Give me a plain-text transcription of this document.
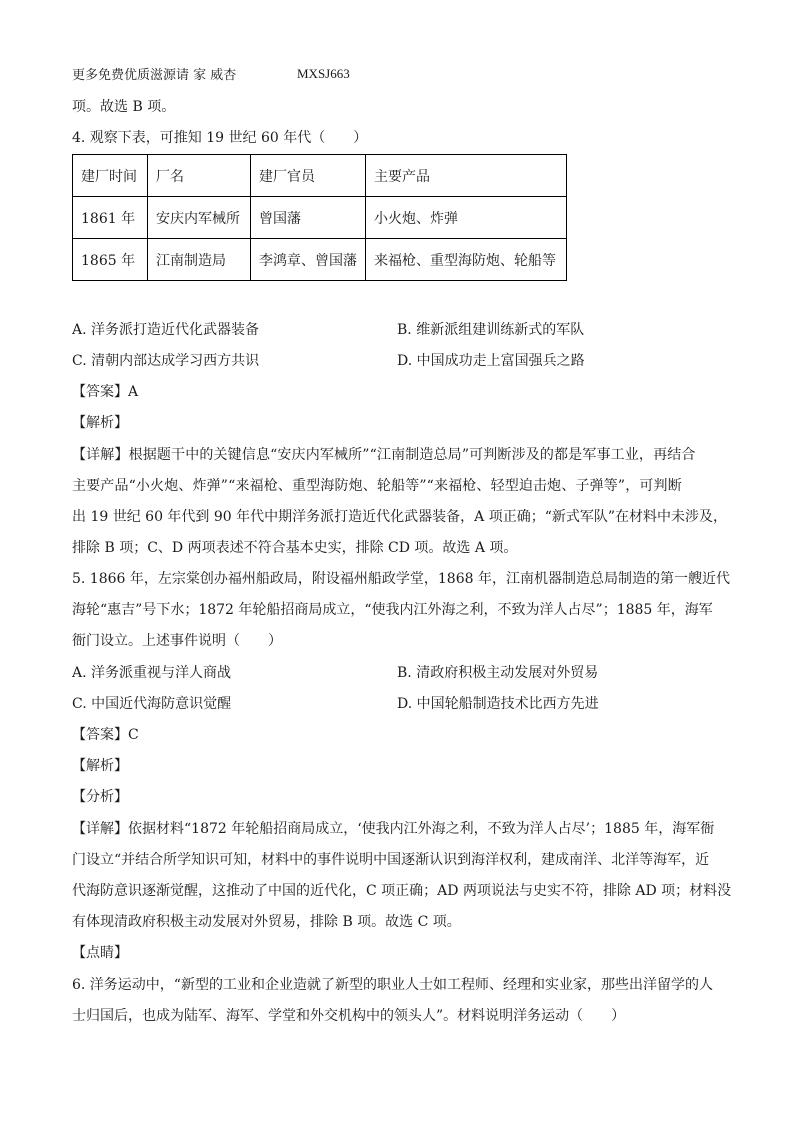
更多免费优质滋源请 家 威杏	MXSJ663
项。故选 B 项。
4. 观察下表，可推知 19 世纪 60 年代（　　）
建厂时间	厂名	建厂官员	主要产品
1861 年	安庆内军械所	曾国藩	小火炮、炸弹
1865 年	江南制造局	李鸿章、曾国藩	来福枪、重型海防炮、轮船等
A. 洋务派打造近代化武器装备	B. 维新派组建训练新式的军队
C. 清朝内部达成学习西方共识	D. 中国成功走上富国强兵之路
【答案】A
【解析】
【详解】根据题干中的关键信息“安庆内军械所”“江南制造总局”可判断涉及的都是军事工业，再结合
主要产品“小火炮、炸弹”“来福枪、重型海防炮、轮船等”“来福枪、轻型迫击炮、子弹等”，可判断
出 19 世纪 60 年代到 90 年代中期洋务派打造近代化武器装备，A 项正确；“新式军队”在材料中未涉及，
排除 B 项；C、D 两项表述不符合基本史实，排除 CD 项。故选 A 项。
5. 1866 年，左宗棠创办福州船政局，附设福州船政学堂，1868 年，江南机器制造总局制造的第一艘近代
海轮“惠吉”号下水；1872 年轮船招商局成立，“使我内江外海之利，不致为洋人占尽”；1885 年，海军
衙门设立。上述事件说明（　　）
A. 洋务派重视与洋人商战	B. 清政府积极主动发展对外贸易
C. 中国近代海防意识觉醒	D. 中国轮船制造技术比西方先进
【答案】C
【解析】
【分析】
【详解】依据材料“1872 年轮船招商局成立，‘使我内江外海之利，不致为洋人占尽’；1885 年，海军衙
门设立“并结合所学知识可知，材料中的事件说明中国逐渐认识到海洋权利，建成南洋、北洋等海军，近
代海防意识逐渐觉醒，这推动了中国的近代化，C 项正确；AD 两项说法与史实不符，排除 AD 项；材料没
有体现清政府积极主动发展对外贸易，排除 B 项。故选 C 项。
【点睛】
6. 洋务运动中，“新型的工业和企业造就了新型的职业人士如工程师、经理和实业家，那些出洋留学的人
士归国后，也成为陆军、海军、学堂和外交机构中的领头人”。材料说明洋务运动（　　）
